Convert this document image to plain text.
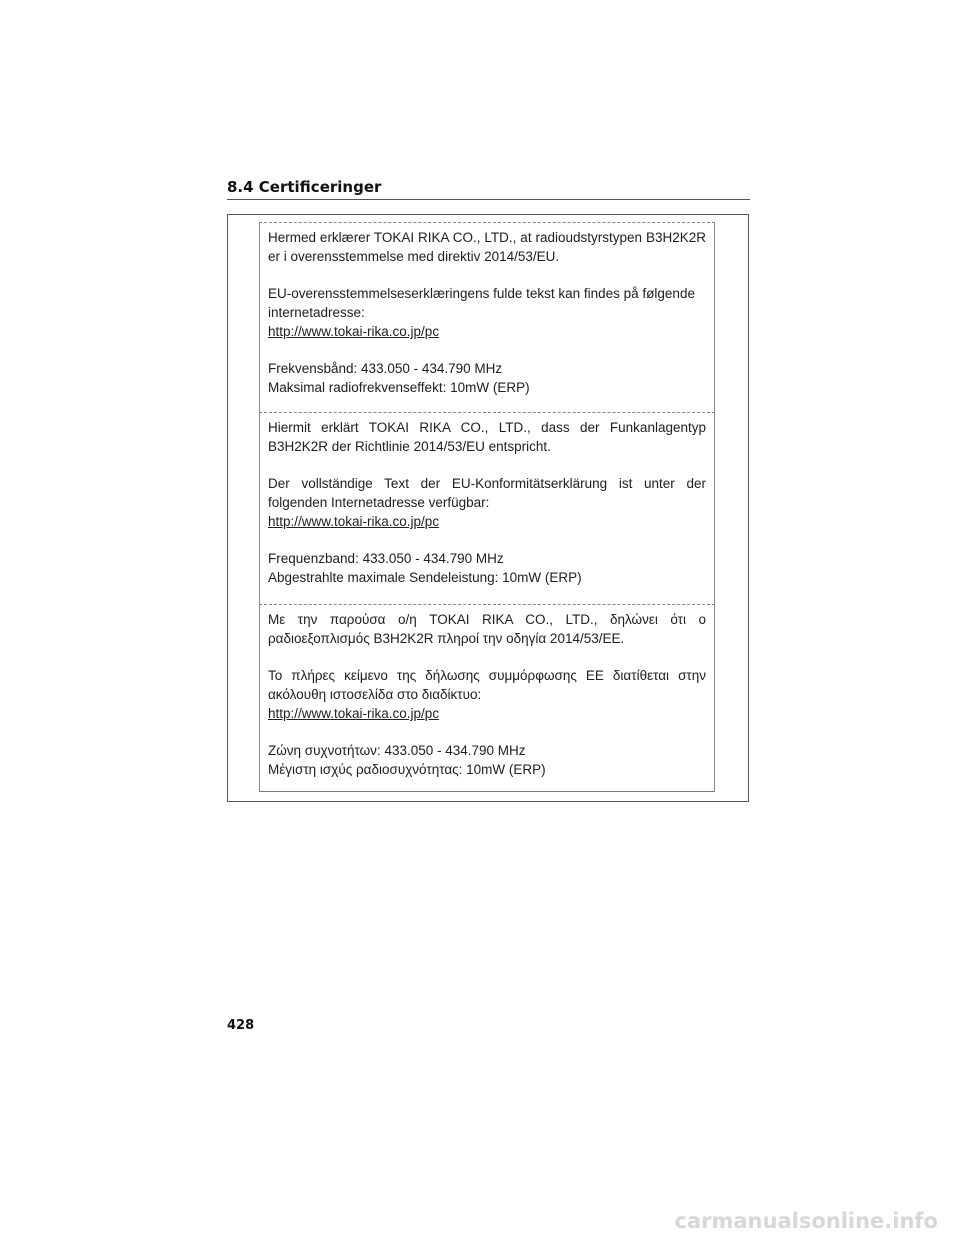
8.4 Certificeringer

Hermed erklærer TOKAI RIKA CO., LTD., at radioudstyrstypen B3H2K2R er i overensstemmelse med direktiv 2014/53/EU.

EU-overensstemmelseserklæringens fulde tekst kan findes på følgende internetadresse:

http://www.tokai-rika.co.jp/pc

Frekvensbånd: 433.050 - 434.790 MHz

Maksimal radiofrekvenseffekt: 10mW (ERP)

Hiermit erklärt TOKAI RIKA CO., LTD., dass der Funkanlagentyp B3H2K2R der Richtlinie 2014/53/EU entspricht.

Der vollständige Text der EU-Konformitätserklärung ist unter der folgenden Internetadresse verfügbar:

http://www.tokai-rika.co.jp/pc

Frequenzband: 433.050 - 434.790 MHz

Abgestrahlte maximale Sendeleistung: 10mW (ERP)

Με την παρούσα ο/η TOKAI RIKA CO., LTD., δηλώνει ότι ο ραδιοεξοπλισμός B3H2K2R πληροί την οδηγία 2014/53/ΕΕ.

Το πλήρες κείμενο της δήλωσης συμμόρφωσης ΕΕ διατίθεται στην ακόλουθη ιστοσελίδα στο διαδίκτυο:

http://www.tokai-rika.co.jp/pc

Ζώνη συχνοτήτων: 433.050 - 434.790 MHz

Μέγιστη ισχύς ραδιοσυχνότητας: 10mW (ERP)

428
carmanualsonline.info
